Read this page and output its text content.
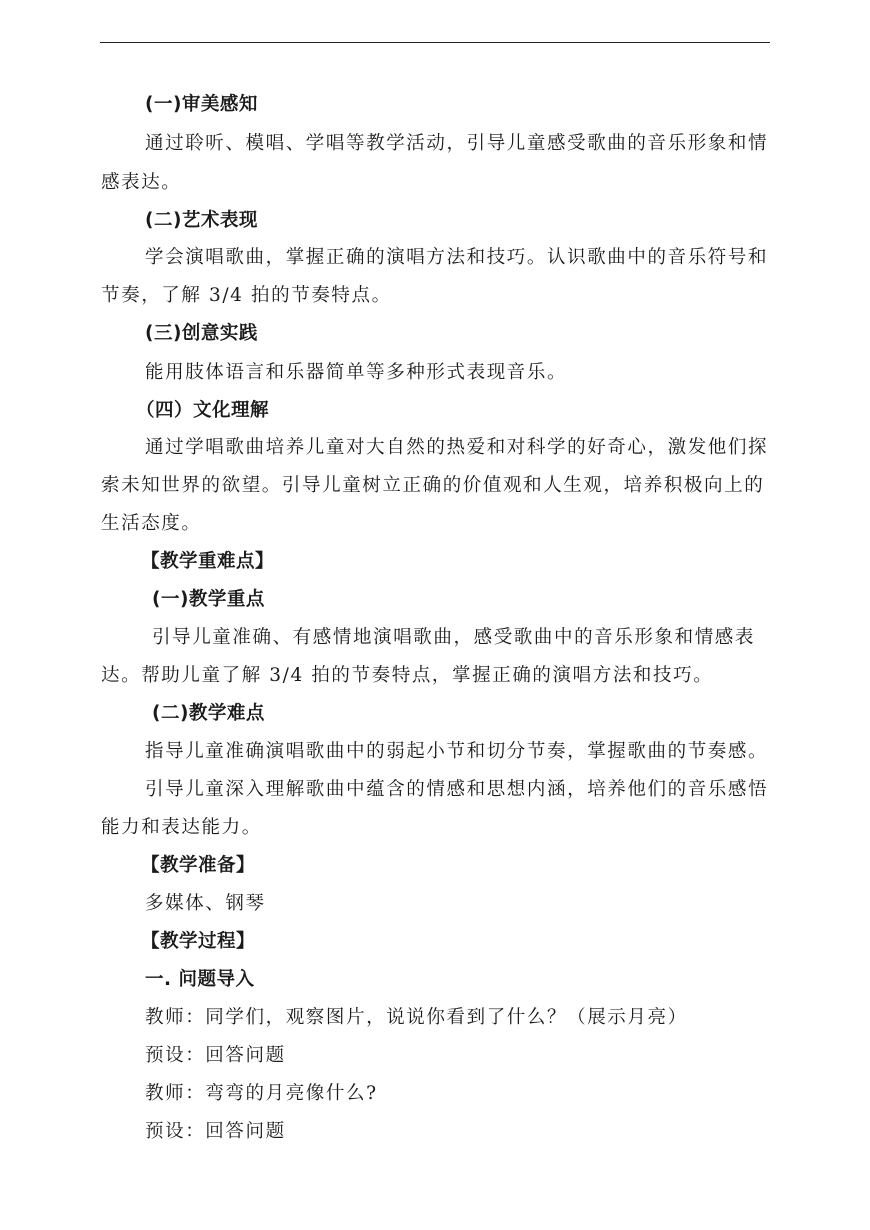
(一)审美感知
通过聆听、模唱、学唱等教学活动，引导儿童感受歌曲的音乐形象和情
感表达。
(二)艺术表现
学会演唱歌曲，掌握正确的演唱方法和技巧。认识歌曲中的音乐符号和
节奏，了解 3/4 拍的节奏特点。
(三)创意实践
能用肢体语言和乐器简单等多种形式表现音乐。
（四）文化理解
通过学唱歌曲培养儿童对大自然的热爱和对科学的好奇心，激发他们探
索未知世界的欲望。引导儿童树立正确的价值观和人生观，培养积极向上的
生活态度。
【教学重难点】
(一)教学重点
引导儿童准确、有感情地演唱歌曲，感受歌曲中的音乐形象和情感表
达。帮助儿童了解 3/4 拍的节奏特点，掌握正确的演唱方法和技巧。
(二)教学难点
指导儿童准确演唱歌曲中的弱起小节和切分节奏，掌握歌曲的节奏感。
引导儿童深入理解歌曲中蕴含的情感和思想内涵，培养他们的音乐感悟
能力和表达能力。
【教学准备】
多媒体、钢琴
【教学过程】
一. 问题导入
教师：同学们，观察图片，说说你看到了什么？（展示月亮）
预设：回答问题
教师：弯弯的月亮像什么?
预设：回答问题
